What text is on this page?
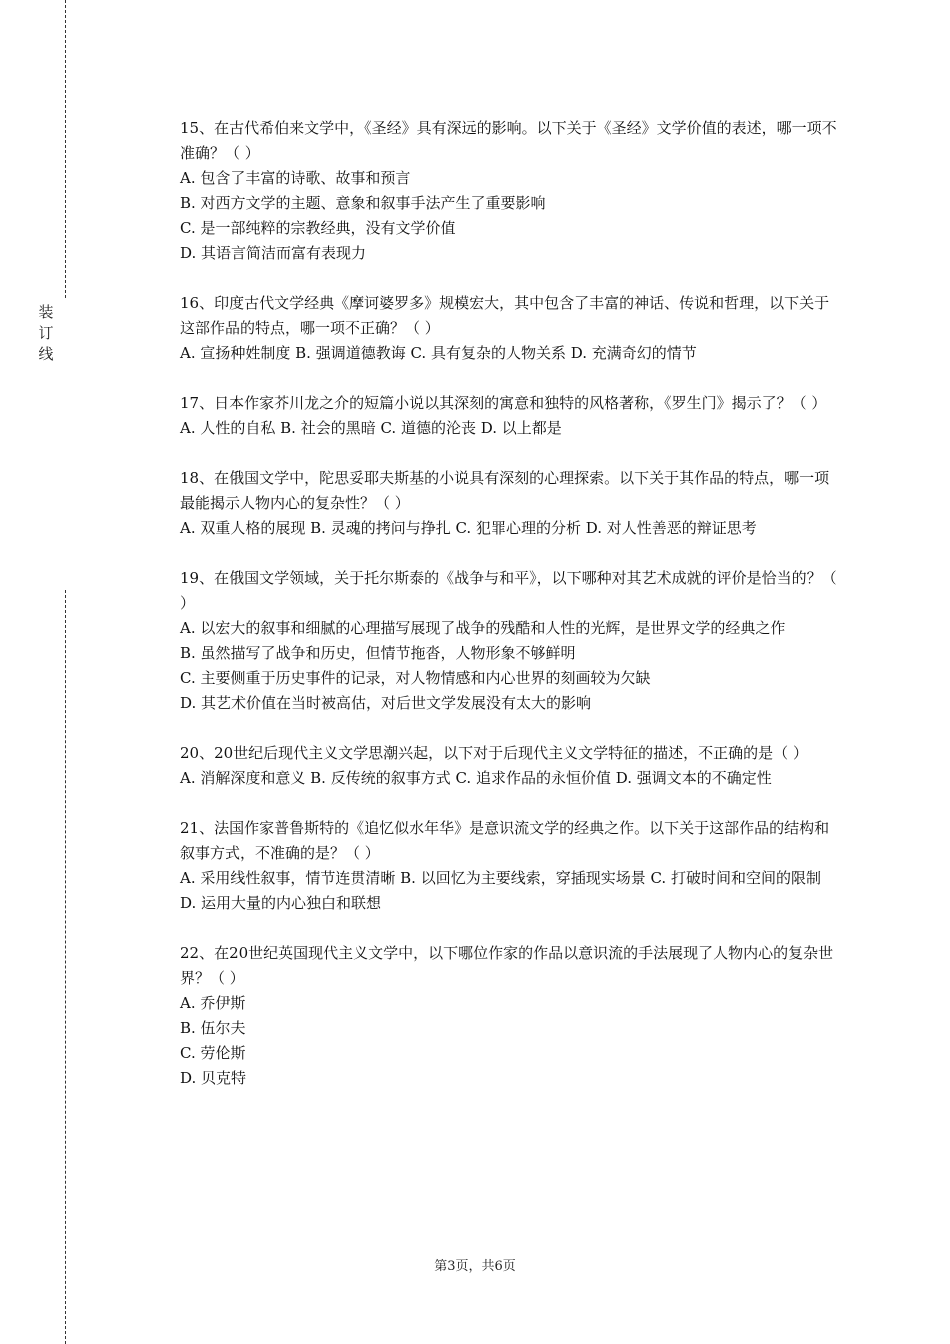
装
订
线

15、在古代希伯来文学中，《圣经》具有深远的影响。以下关于《圣经》文学价值的表述，哪一项不准确？（ ）

A. 包含了丰富的诗歌、故事和预言

B. 对西方文学的主题、意象和叙事手法产生了重要影响

C. 是一部纯粹的宗教经典，没有文学价值

D. 其语言简洁而富有表现力

16、印度古代文学经典《摩诃婆罗多》规模宏大，其中包含了丰富的神话、传说和哲理，以下关于这部作品的特点，哪一项不正确？（ ）

A. 宣扬种姓制度 B. 强调道德教诲 C. 具有复杂的人物关系 D. 充满奇幻的情节

17、日本作家芥川龙之介的短篇小说以其深刻的寓意和独特的风格著称，《罗生门》揭示了？（ ）

A. 人性的自私 B. 社会的黑暗 C. 道德的沦丧 D. 以上都是

18、在俄国文学中，陀思妥耶夫斯基的小说具有深刻的心理探索。以下关于其作品的特点，哪一项最能揭示人物内心的复杂性？（ ）

A. 双重人格的展现 B. 灵魂的拷问与挣扎 C. 犯罪心理的分析 D. 对人性善恶的辩证思考

19、在俄国文学领域，关于托尔斯泰的《战争与和平》，以下哪种对其艺术成就的评价是恰当的？（ ）

A. 以宏大的叙事和细腻的心理描写展现了战争的残酷和人性的光辉，是世界文学的经典之作

B. 虽然描写了战争和历史，但情节拖沓，人物形象不够鲜明

C. 主要侧重于历史事件的记录，对人物情感和内心世界的刻画较为欠缺

D. 其艺术价值在当时被高估，对后世文学发展没有太大的影响

20、20世纪后现代主义文学思潮兴起，以下对于后现代主义文学特征的描述，不正确的是（ ）

A. 消解深度和意义 B. 反传统的叙事方式 C. 追求作品的永恒价值 D. 强调文本的不确定性

21、法国作家普鲁斯特的《追忆似水年华》是意识流文学的经典之作。以下关于这部作品的结构和叙事方式，不准确的是？（ ）

A. 采用线性叙事，情节连贯清晰 B. 以回忆为主要线索，穿插现实场景 C. 打破时间和空间的限制 D. 运用大量的内心独白和联想

22、在20世纪英国现代主义文学中，以下哪位作家的作品以意识流的手法展现了人物内心的复杂世界？（ ）

A. 乔伊斯

B. 伍尔夫

C. 劳伦斯

D. 贝克特

第3页，共6页
